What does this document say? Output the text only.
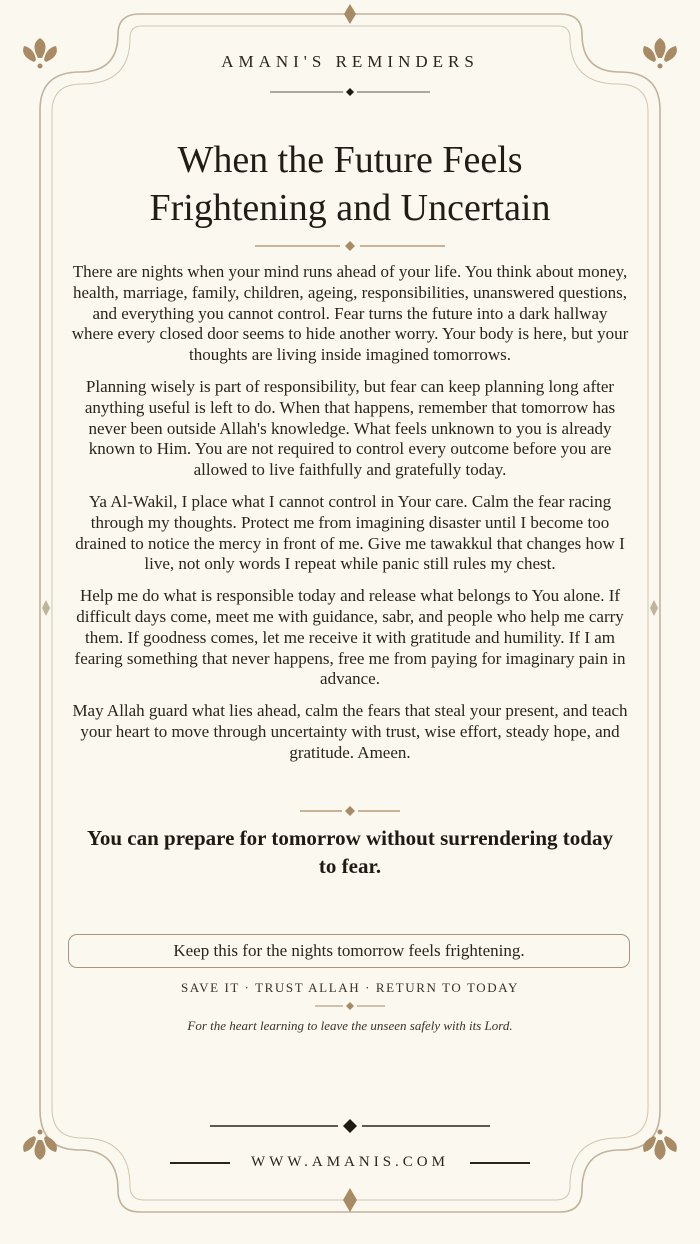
AMANI'S REMINDERS
When the Future Feels
Frightening and Uncertain

There are nights when your mind runs ahead of your life. You think about money, health, marriage, family, children, ageing, responsibilities, unanswered questions, and everything you cannot control. Fear turns the future into a dark hallway where every closed door seems to hide another worry. Your body is here, but your thoughts are living inside imagined tomorrows.

Planning wisely is part of responsibility, but fear can keep planning long after anything useful is left to do. When that happens, remember that tomorrow has never been outside Allah's knowledge. What feels unknown to you is already known to Him. You are not required to control every outcome before you are allowed to live faithfully and gratefully today.

Ya Al-Wakil, I place what I cannot control in Your care. Calm the fear racing through my thoughts. Protect me from imagining disaster until I become too drained to notice the mercy in front of me. Give me tawakkul that changes how I live, not only words I repeat while panic still rules my chest.

Help me do what is responsible today and release what belongs to You alone. If difficult days come, meet me with guidance, sabr, and people who help me carry them. If goodness comes, let me receive it with gratitude and humility. If I am fearing something that never happens, free me from paying for imaginary pain in advance.

May Allah guard what lies ahead, calm the fears that steal your present, and teach your heart to move through uncertainty with trust, wise effort, steady hope, and gratitude. Ameen.

You can prepare for tomorrow without surrendering today
to fear.
Keep this for the nights tomorrow feels frightening.
SAVE IT · TRUST ALLAH · RETURN TO TODAY
For the heart learning to leave the unseen safely with its Lord.
WWW.AMANIS.COM
